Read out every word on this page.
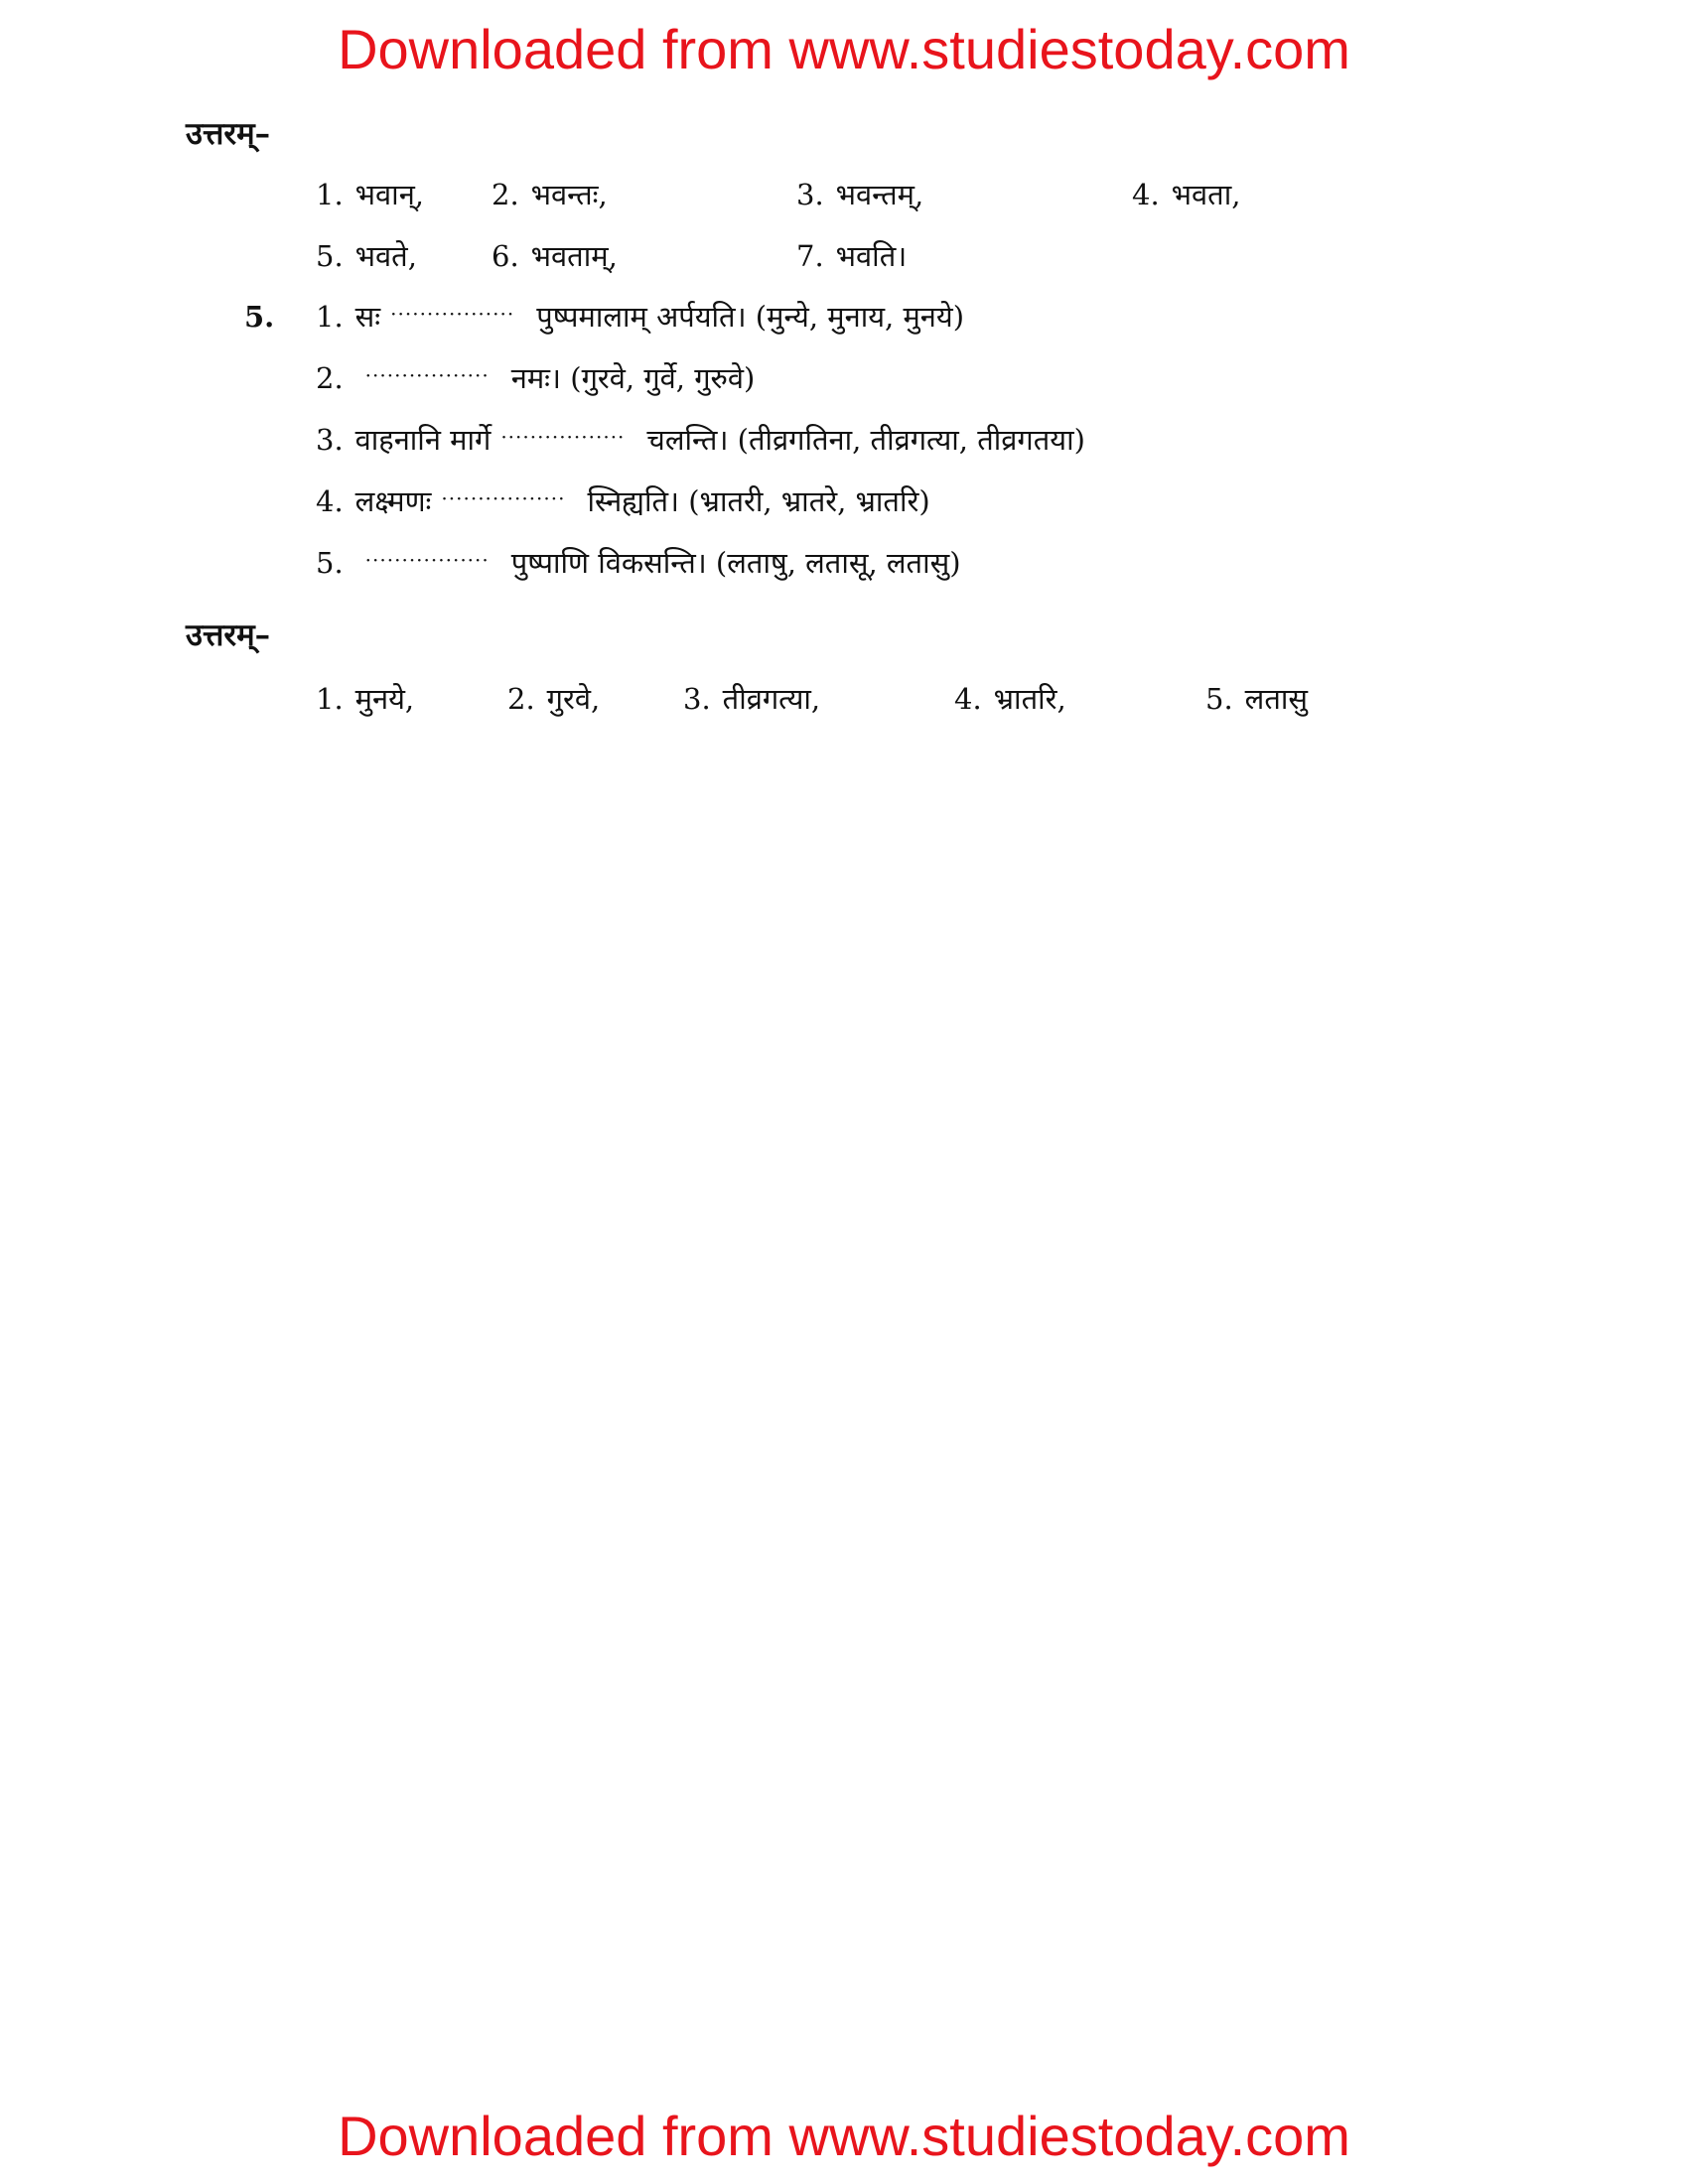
Downloaded from www.studiestoday.com
Downloaded from www.studiestoday.com
उत्तरम्–
1. भवान्, 2. भवन्तः,	3. भवन्तम्,	4. भवता,
5. भवते,	6. भवताम्,	7. भवति।
5. 1. सः ················· पुष्पमालाम् अर्पयति। (मुन्ये, मुनाय, मुनये)
2. ················· नमः। (गुरवे, गुर्वे, गुरुवे)
3. वाहनानि मार्गे ················· चलन्ति। (तीव्रगतिना, तीव्रगत्या, तीव्रगतया)
4. लक्ष्मणः ················· स्निह्यति। (भ्रातरी, भ्रातरे, भ्रातरि)
5. ················· पुष्पाणि विकसन्ति। (लताषु, लतासू, लतासु)
उत्तरम्–
1. मुनये,	2. गुरवे,	3. तीव्रगत्या,	4. भ्रातरि,	5. लतासु
